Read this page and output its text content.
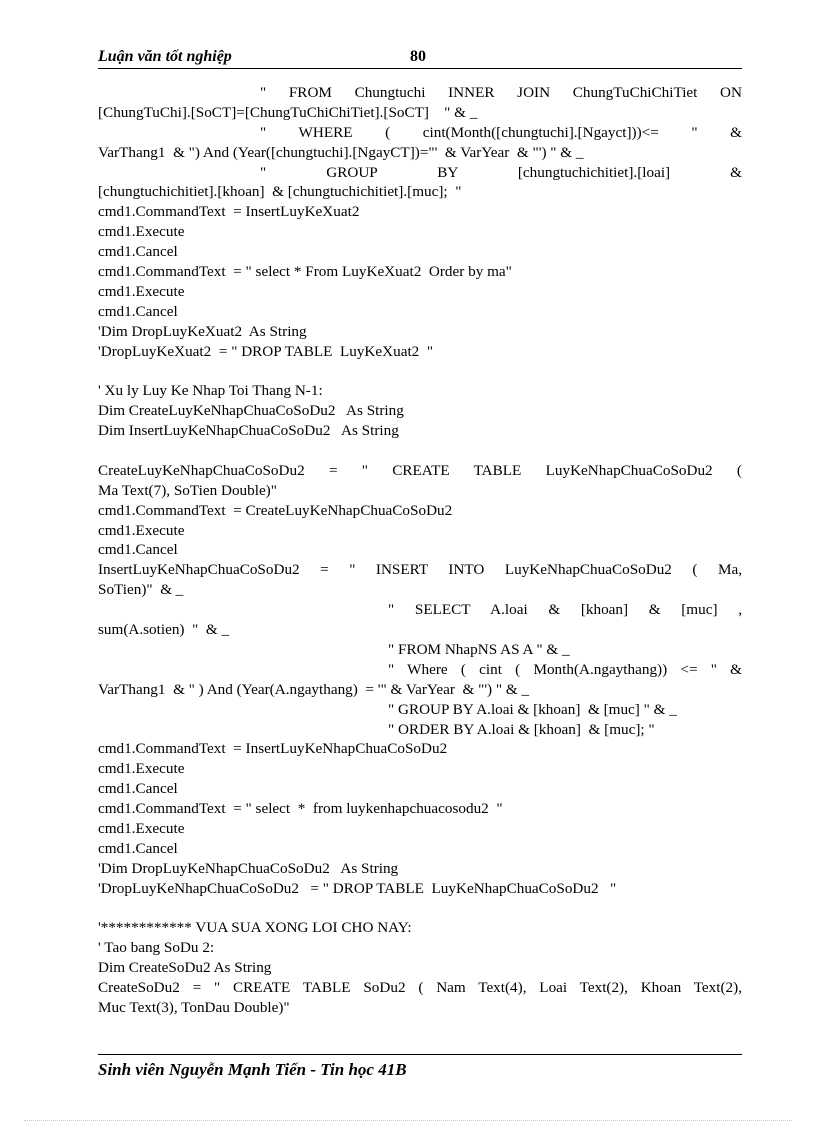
Luận văn tốt nghiệp	80
" FROM Chungtuchi INNER JOIN ChungTuChiChiTiet ON
[ChungTuChi].[SoCT]=[ChungTuChiChiTiet].[SoCT]    " & _
" WHERE ( cint(Month([chungtuchi].[Ngayct]))<= " &
VarThang1  & ") And (Year([chungtuchi].[NgayCT])="'  & VarYear  & "') " & _
" GROUP BY [chungtuchichitiet].[loai] &
[chungtuchichitiet].[khoan]  & [chungtuchichitiet].[muc];  "
cmd1.CommandText  = InsertLuyKeXuat2
cmd1.Execute
cmd1.Cancel
cmd1.CommandText  = " select * From LuyKeXuat2  Order by ma"
cmd1.Execute
cmd1.Cancel
'Dim DropLuyKeXuat2  As String
'DropLuyKeXuat2  = " DROP TABLE  LuyKeXuat2  "
' Xu ly Luy Ke Nhap Toi Thang N-1:
Dim CreateLuyKeNhapChuaCoSoDu2   As String
Dim InsertLuyKeNhapChuaCoSoDu2   As String
CreateLuyKeNhapChuaCoSoDu2 = " CREATE TABLE LuyKeNhapChuaCoSoDu2 (
Ma Text(7), SoTien Double)"
cmd1.CommandText  = CreateLuyKeNhapChuaCoSoDu2
cmd1.Execute
cmd1.Cancel
InsertLuyKeNhapChuaCoSoDu2 = " INSERT INTO LuyKeNhapChuaCoSoDu2 ( Ma,
SoTien)"  & _
" SELECT A.loai & [khoan] & [muc] ,
sum(A.sotien)  "  & _
" FROM NhapNS AS A " & _
" Where ( cint ( Month(A.ngaythang)) <= " &
VarThang1  & " ) And (Year(A.ngaythang)  = '" & VarYear  & "') " & _
" GROUP BY A.loai & [khoan]  & [muc] " & _
" ORDER BY A.loai & [khoan]  & [muc]; "
cmd1.CommandText  = InsertLuyKeNhapChuaCoSoDu2
cmd1.Execute
cmd1.Cancel
cmd1.CommandText  = " select  *  from luykenhapchuacosodu2  "
cmd1.Execute
cmd1.Cancel
'Dim DropLuyKeNhapChuaCoSoDu2   As String
'DropLuyKeNhapChuaCoSoDu2   = " DROP TABLE  LuyKeNhapChuaCoSoDu2   "
'************ VUA SUA XONG LOI CHO NAY:
' Tao bang SoDu 2:
Dim CreateSoDu2 As String
CreateSoDu2 = " CREATE TABLE SoDu2 ( Nam Text(4), Loai Text(2), Khoan Text(2),
Muc Text(3), TonDau Double)"
Sinh viên Nguyễn Mạnh Tiến - Tin học 41B
